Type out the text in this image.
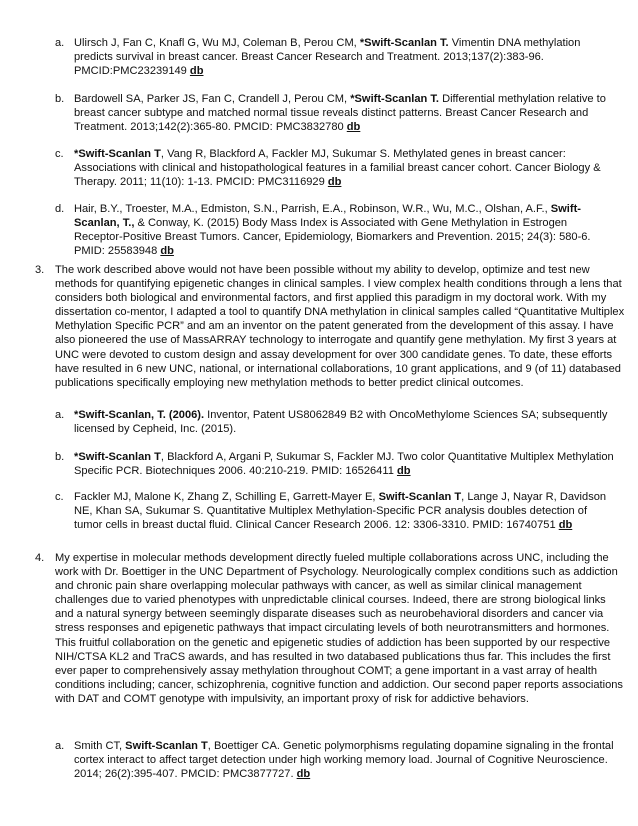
a. Ulirsch J, Fan C, Knafl G, Wu MJ, Coleman B, Perou CM, *Swift-Scanlan T. Vimentin DNA methylation predicts survival in breast cancer. Breast Cancer Research and Treatment. 2013;137(2):383-96. PMCID:PMC23239149 db
b. Bardowell SA, Parker JS, Fan C, Crandell J, Perou CM, *Swift-Scanlan T. Differential methylation relative to breast cancer subtype and matched normal tissue reveals distinct patterns. Breast Cancer Research and Treatment. 2013;142(2):365-80. PMCID: PMC3832780 db
c. *Swift-Scanlan T, Vang R, Blackford A, Fackler MJ, Sukumar S. Methylated genes in breast cancer: Associations with clinical and histopathological features in a familial breast cancer cohort. Cancer Biology & Therapy. 2011; 11(10): 1-13. PMCID: PMC3116929 db
d. Hair, B.Y., Troester, M.A., Edmiston, S.N., Parrish, E.A., Robinson, W.R., Wu, M.C., Olshan, A.F., Swift-Scanlan, T., & Conway, K. (2015) Body Mass Index is Associated with Gene Methylation in Estrogen Receptor-Positive Breast Tumors. Cancer, Epidemiology, Biomarkers and Prevention. 2015; 24(3): 580-6. PMID: 25583948 db
3. The work described above would not have been possible without my ability to develop, optimize and test new methods for quantifying epigenetic changes in clinical samples. I view complex health conditions through a lens that considers both biological and environmental factors, and first applied this paradigm in my doctoral work. With my dissertation co-mentor, I adapted a tool to quantify DNA methylation in clinical samples called “Quantitative Multiplex Methylation Specific PCR” and am an inventor on the patent generated from the development of this assay. I have also pioneered the use of MassARRAY technology to interrogate and quantify gene methylation. My first 3 years at UNC were devoted to custom design and assay development for over 300 candidate genes. To date, these efforts have resulted in 6 new UNC, national, or international collaborations, 10 grant applications, and 9 (of 11) databased publications specifically employing new methylation methods to better predict clinical outcomes.
a. *Swift-Scanlan, T. (2006). Inventor, Patent US8062849 B2 with OncoMethylome Sciences SA; subsequently licensed by Cepheid, Inc. (2015).
b. *Swift-Scanlan T, Blackford A, Argani P, Sukumar S, Fackler MJ. Two color Quantitative Multiplex Methylation Specific PCR. Biotechniques 2006. 40:210-219. PMID: 16526411 db
c. Fackler MJ, Malone K, Zhang Z, Schilling E, Garrett-Mayer E, Swift-Scanlan T, Lange J, Nayar R, Davidson NE, Khan SA, Sukumar S. Quantitative Multiplex Methylation-Specific PCR analysis doubles detection of tumor cells in breast ductal fluid. Clinical Cancer Research 2006. 12: 3306-3310. PMID: 16740751 db
4. My expertise in molecular methods development directly fueled multiple collaborations across UNC, including the work with Dr. Boettiger in the UNC Department of Psychology. Neurologically complex conditions such as addiction and chronic pain share overlapping molecular pathways with cancer, as well as similar clinical management challenges due to varied phenotypes with unpredictable clinical courses. Indeed, there are strong biological links and a natural synergy between seemingly disparate diseases such as neurobehavioral disorders and cancer via stress responses and epigenetic pathways that impact circulating levels of both neurotransmitters and hormones. This fruitful collaboration on the genetic and epigenetic studies of addiction has been supported by our respective NIH/CTSA KL2 and TraCS awards, and has resulted in two databased publications thus far. This includes the first ever paper to comprehensively assay methylation throughout COMT; a gene important in a vast array of health conditions including; cancer, schizophrenia, cognitive function and addiction. Our second paper reports associations with DAT and COMT genotype with impulsivity, an important proxy of risk for addictive behaviors.
a. Smith CT, Swift-Scanlan T, Boettiger CA. Genetic polymorphisms regulating dopamine signaling in the frontal cortex interact to affect target detection under high working memory load. Journal of Cognitive Neuroscience. 2014; 26(2):395-407. PMCID: PMC3877727. db
